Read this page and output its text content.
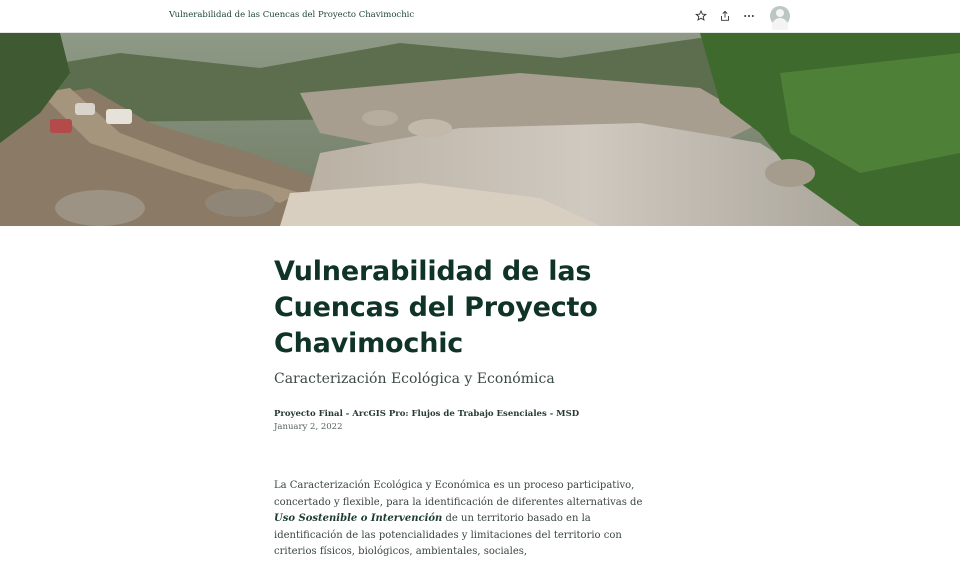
Vulnerabilidad de las Cuencas del Proyecto Chavimochic
Vulnerabilidad de las Cuencas del Proyecto Chavimochic
Caracterización Ecológica y Económica
Proyecto Final - ArcGIS Pro: Flujos de Trabajo Esenciales - MSD
January 2, 2022

La Caracterización Ecológica y Económica es un proceso participativo, concertado y flexible, para la identificación de diferentes alternativas de Uso Sostenible o Intervención de un territorio basado en la identificación de las potencialidades y limitaciones del territorio con criterios físicos, biológicos, ambientales, sociales,
